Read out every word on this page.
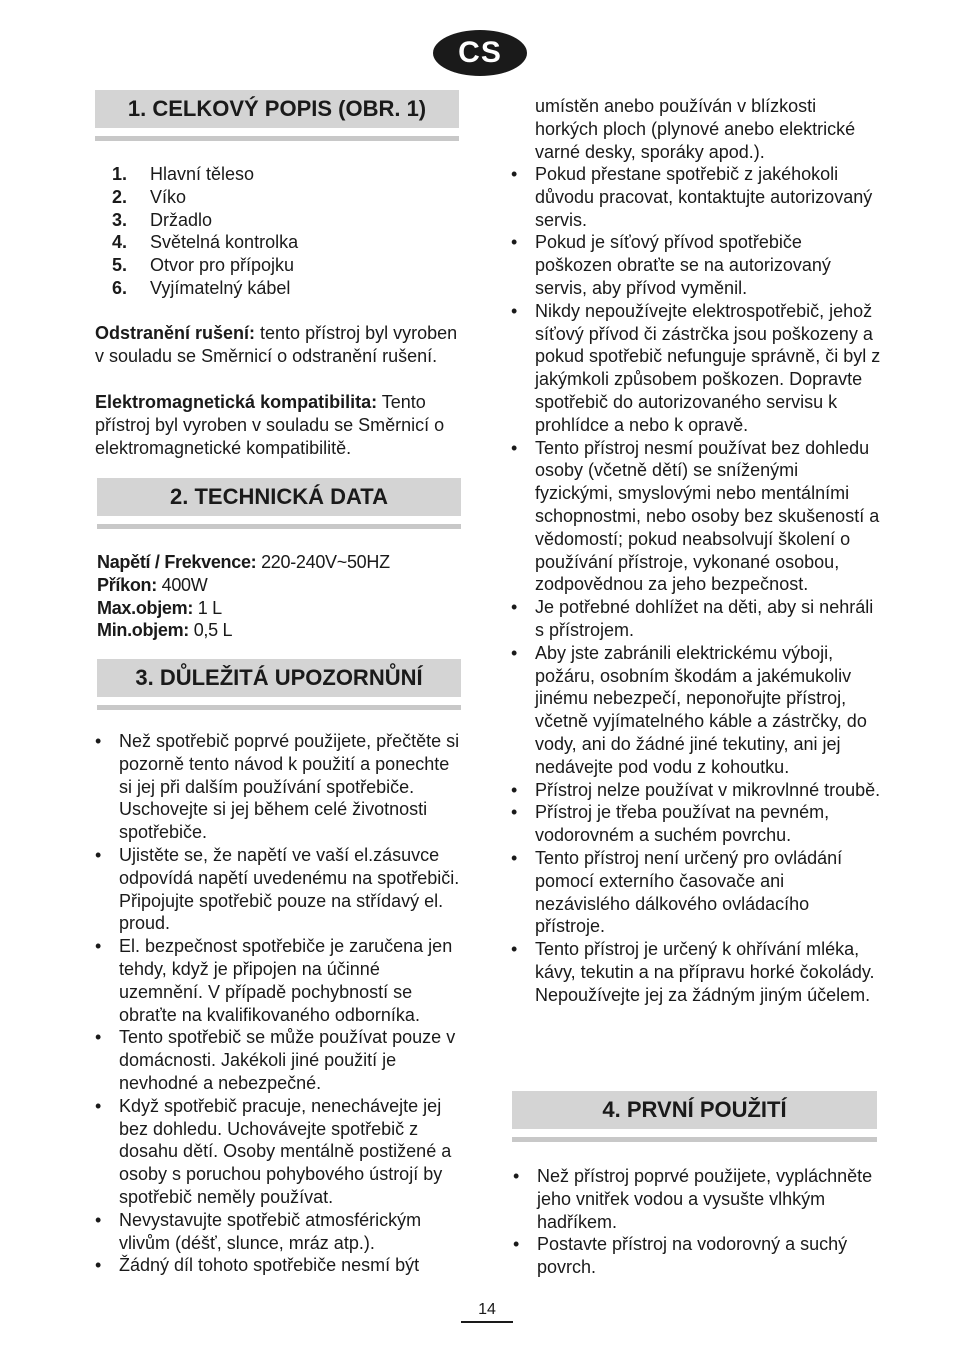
CS
1. CELKOVÝ POPIS (OBR. 1)
1.	Hlavní těleso
2.	Víko
3.	Držadlo
4.	Světelná kontrolka
5.	Otvor pro přípojku
6.	Vyjímatelný kábel

Odstranění rušení: tento přístroj byl vyroben v souladu se Směrnicí o odstranění rušení.

Elektromagnetická kompatibilita: Tento přístroj byl vyroben v souladu se Směrnicí o elektromagnetické kompatibilitě.

2. TECHNICKÁ DATA
Napětí / Frekvence: 220-240V~50HZ
Příkon: 400W
Max.objem: 1 L
Min.objem: 0,5 L
3. DŮLEŽITÁ UPOZORNŮNÍ
• Než spotřebič poprvé použijete, přečtěte si pozorně tento návod k použití a ponechte si jej při dalším používání spotřebiče. Uschovejte si jej během celé životnosti spotřebiče.
• Ujistěte se, že napětí ve vaší el.zásuvce odpovídá napětí uvedenému na spotřebiči. Připojujte spotřebič pouze na střídavý el. proud.
• El. bezpečnost spotřebiče je zaručena jen tehdy, když je připojen na účinné uzemnění. V případě pochybností se obraťte na kvalifikovaného odborníka.
• Tento spotřebič se může používat pouze v domácnosti. Jakékoli jiné použití je nevhodné a nebezpečné.
• Když spotřebič pracuje, nenechávejte jej bez dohledu. Uchovávejte spotřebič z dosahu dětí. Osoby mentálně postižené a osoby s poruchou pohybového ústrojí by spotřebič neměly používat.
• Nevystavujte spotřebič atmosférickým vlivům (déšť, slunce, mráz atp.).
• Žádný díl tohoto spotřebiče nesmí být

umístěn anebo používán v blízkosti horkých ploch (plynové anebo elektrické varné desky, sporáky apod.).

• Pokud přestane spotřebič z jakéhokoli důvodu pracovat, kontaktujte autorizovaný servis.
• Pokud je síťový přívod spotřebiče poškozen obraťte se na autorizovaný servis, aby přívod vyměnil.
• Nikdy nepoužívejte elektrospotřebič, jehož síťový přívod či zástrčka jsou poškozeny a pokud spotřebič nefunguje správně, či byl z jakýmkoli způsobem poškozen. Dopravte spotřebič do autorizovaného servisu k prohlídce a nebo k opravě.
• Tento přístroj nesmí používat bez dohledu osoby (včetně dětí) se sníženými fyzickými, smyslovými nebo mentálními schopnostmi, nebo osoby bez skušeností a vědomostí; pokud neabsolvují školení o používání přístroje, vykonané osobou, zodpovědnou za jeho bezpečnost.
• Je potřebné dohlížet na děti, aby si nehráli s přístrojem.
• Aby jste zabránili elektrickému výboji, požáru, osobním škodám a jakémukoliv jinému nebezpečí, neponořujte přístroj, včetně vyjímatelného káble a zástrčky, do vody, ani do žádné jiné tekutiny, ani jej nedávejte pod vodu z kohoutku.
• Přístroj nelze používat v mikrovlnné troubě.
• Přístroj je třeba používat na pevném, vodorovném a suchém povrchu.
• Tento přístroj není určený pro ovládání pomocí externího časovače ani nezávislého dálkového ovládacího přístroje.
• Tento přístroj je určený k ohřívání mléka, kávy, tekutin a na přípravu horké čokolády. Nepoužívejte jej za žádným jiným účelem.
4. PRVNÍ POUŽITÍ
• Než přístroj poprvé použijete, vypláchněte jeho vnitřek vodou a vysušte vlhkým hadříkem.
• Postavte přístroj na vodorovný a suchý povrch.
14
